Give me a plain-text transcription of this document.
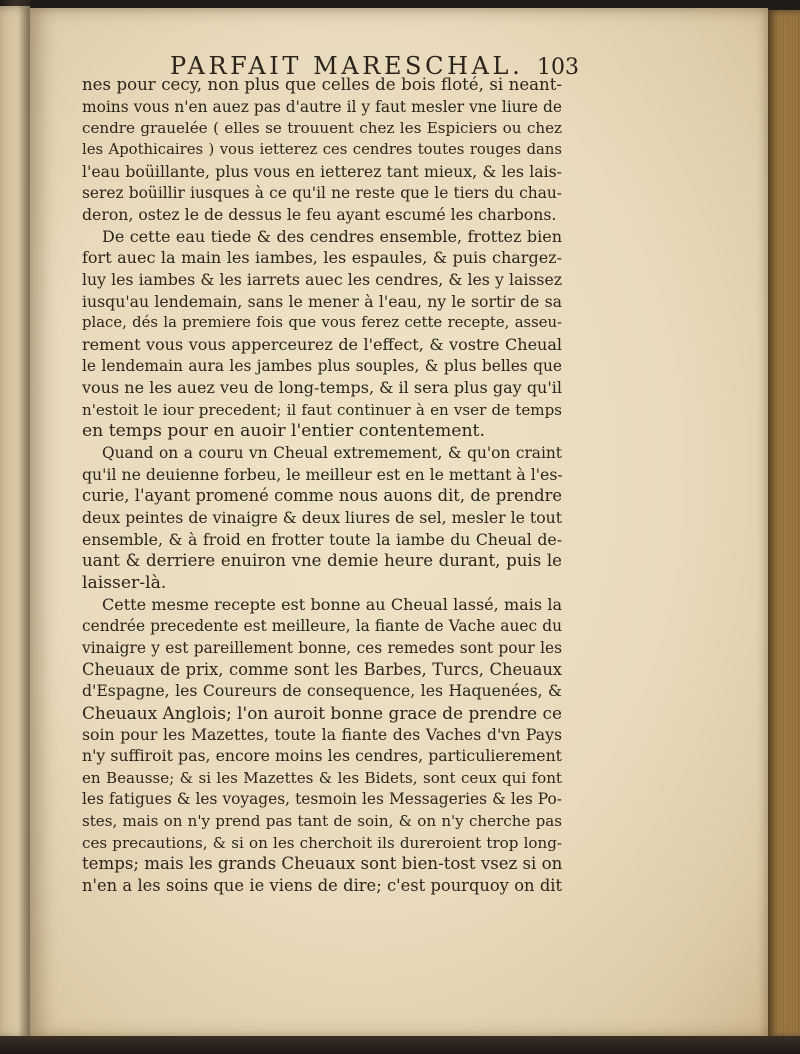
PARFAIT MARESCHAL. 103
nes pour cecy, non plus que celles de bois floté, si neant-
moins vous n'en auez pas d'autre il y faut mesler vne liure de
cendre grauelée ( elles se trouuent chez les Espiciers ou chez
les Apothicaires ) vous ietterez ces cendres toutes rouges dans
l'eau boüillante, plus vous en ietterez tant mieux, & les lais-
serez boüillir iusques à ce qu'il ne reste que le tiers du chau-
deron, ostez le de dessus le feu ayant escumé les charbons.
De cette eau tiede & des cendres ensemble, frottez bien
fort auec la main les iambes, les espaules, & puis chargez-
luy les iambes & les iarrets auec les cendres, & les y laissez
iusqu'au lendemain, sans le mener à l'eau, ny le sortir de sa
place, dés la premiere fois que vous ferez cette recepte, asseu-
rement vous vous apperceurez de l'effect, & vostre Cheual
le lendemain aura les jambes plus souples, & plus belles que
vous ne les auez veu de long-temps, & il sera plus gay qu'il
n'estoit le iour precedent; il faut continuer à en vser de temps
en temps pour en auoir l'entier contentement.
Quand on a couru vn Cheual extremement, & qu'on craint
qu'il ne deuienne forbeu, le meilleur est en le mettant à l'es-
curie, l'ayant promené comme nous auons dit, de prendre
deux peintes de vinaigre & deux liures de sel, mesler le tout
ensemble, & à froid en frotter toute la iambe du Cheual de-
uant & derriere enuiron vne demie heure durant, puis le
laisser-là.
Cette mesme recepte est bonne au Cheual lassé, mais la
cendrée precedente est meilleure, la fiante de Vache auec du
vinaigre y est pareillement bonne, ces remedes sont pour les
Cheuaux de prix, comme sont les Barbes, Turcs, Cheuaux
d'Espagne, les Coureurs de consequence, les Haquenées, &
Cheuaux Anglois; l'on auroit bonne grace de prendre ce
soin pour les Mazettes, toute la fiante des Vaches d'vn Pays
n'y suffiroit pas, encore moins les cendres, particulierement
en Beausse; & si les Mazettes & les Bidets, sont ceux qui font
les fatigues & les voyages, tesmoin les Messageries & les Po-
stes, mais on n'y prend pas tant de soin, & on n'y cherche pas
ces precautions, & si on les cherchoit ils dureroient trop long-
temps; mais les grands Cheuaux sont bien-tost vsez si on
n'en a les soins que ie viens de dire; c'est pourquoy on dit
